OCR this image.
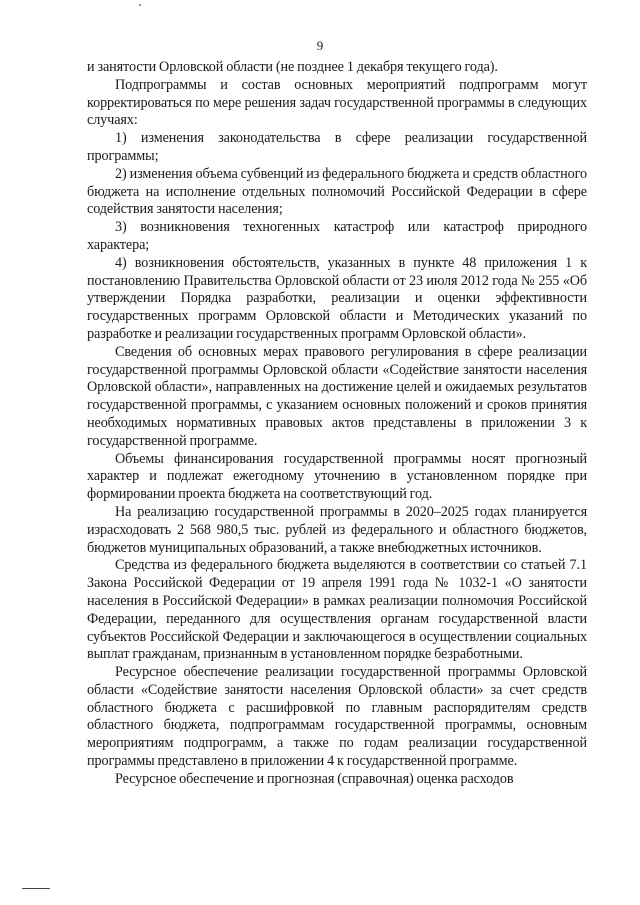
9

и занятости Орловской области (не позднее 1 декабря текущего года).

Подпрограммы и состав основных мероприятий подпрограмм могут корректироваться по мере решения задач государственной программы в следующих случаях:

1) изменения законодательства в сфере реализации государственной программы;

2) изменения объема субвенций из федерального бюджета и средств областного бюджета на исполнение отдельных полномочий Российской Федерации в сфере содействия занятости населения;

3) возникновения техногенных катастроф или катастроф природного характера;

4) возникновения обстоятельств, указанных в пункте 48 приложения 1 к постановлению Правительства Орловской области от 23 июля 2012 года № 255 «Об утверждении Порядка разработки, реализации и оценки эффективности государственных программ Орловской области и Методических указаний по разработке и реализации государственных программ Орловской области».

Сведения об основных мерах правового регулирования в сфере реализации государственной программы Орловской области «Содействие занятости населения Орловской области», направленных на достижение целей и ожидаемых результатов государственной программы, с указанием основных положений и сроков принятия необходимых нормативных правовых актов представлены в приложении 3 к государственной программе.

Объемы финансирования государственной программы носят прогнозный характер и подлежат ежегодному уточнению в установленном порядке при формировании проекта бюджета на соответствующий год.

На реализацию государственной программы в 2020–2025 годах планируется израсходовать 2 568 980,5 тыс. рублей из федерального и областного бюджетов, бюджетов муниципальных образований, а также внебюджетных источников.

Средства из федерального бюджета выделяются в соответствии со статьей 7.1 Закона Российской Федерации от 19 апреля 1991 года № 1032-1 «О занятости населения в Российской Федерации» в рамках реализации полномочия Российской Федерации, переданного для осуществления органам государственной власти субъектов Российской Федерации и заключающегося в осуществлении социальных выплат гражданам, признанным в установленном порядке безработными.

Ресурсное обеспечение реализации государственной программы Орловской области «Содействие занятости населения Орловской области» за счет средств областного бюджета с расшифровкой по главным распорядителям средств областного бюджета, подпрограммам государственной программы, основным мероприятиям подпрограмм, а также по годам реализации государственной программы представлено в приложении 4 к государственной программе.

Ресурсное обеспечение и прогнозная (справочная) оценка расходов
